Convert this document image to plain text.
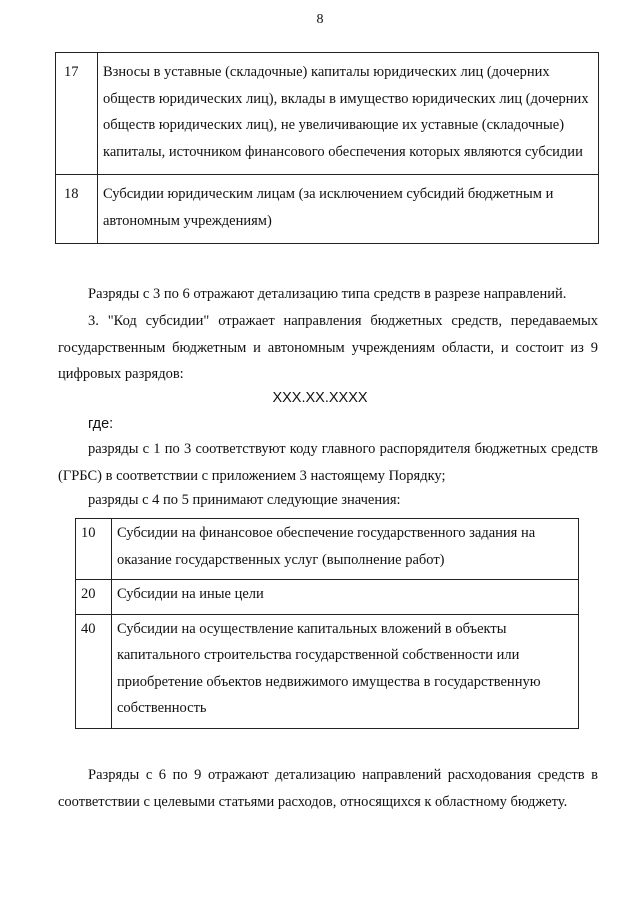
8
17	Взносы в уставные (складочные) капиталы юридических лиц (дочерних обществ юридических лиц), вклады в имущество юридических лиц (дочерних обществ юридических лиц), не увеличивающие их уставные (складочные) капиталы, источником финансового обеспечения которых являются субсидии
18	Субсидии юридическим лицам (за исключением субсидий бюджетным и автономным учреждениям)

Разряды с 3 по 6 отражают детализацию типа средств в разрезе направлений.

3. "Код субсидии" отражает направления бюджетных средств, передаваемых государственным бюджетным и автономным учреждениям области, и состоит из 9 цифровых разрядов:

XXX.XX.XXXX

где:

разряды с 1 по 3 соответствуют коду главного распорядителя бюджетных средств (ГРБС) в соответствии с приложением 3 настоящему Порядку;

разряды с 4 по 5 принимают следующие значения:

10	Субсидии на финансовое обеспечение государственного задания на оказание государственных услуг (выполнение работ)
20	Субсидии на иные цели
40	Субсидии на осуществление капитальных вложений в объекты капитального строительства государственной собственности или приобретение объектов недвижимого имущества в государственную собственность

Разряды с 6 по 9 отражают детализацию направлений расходования средств в соответствии с целевыми статьями расходов, относящихся к областному бюджету.
